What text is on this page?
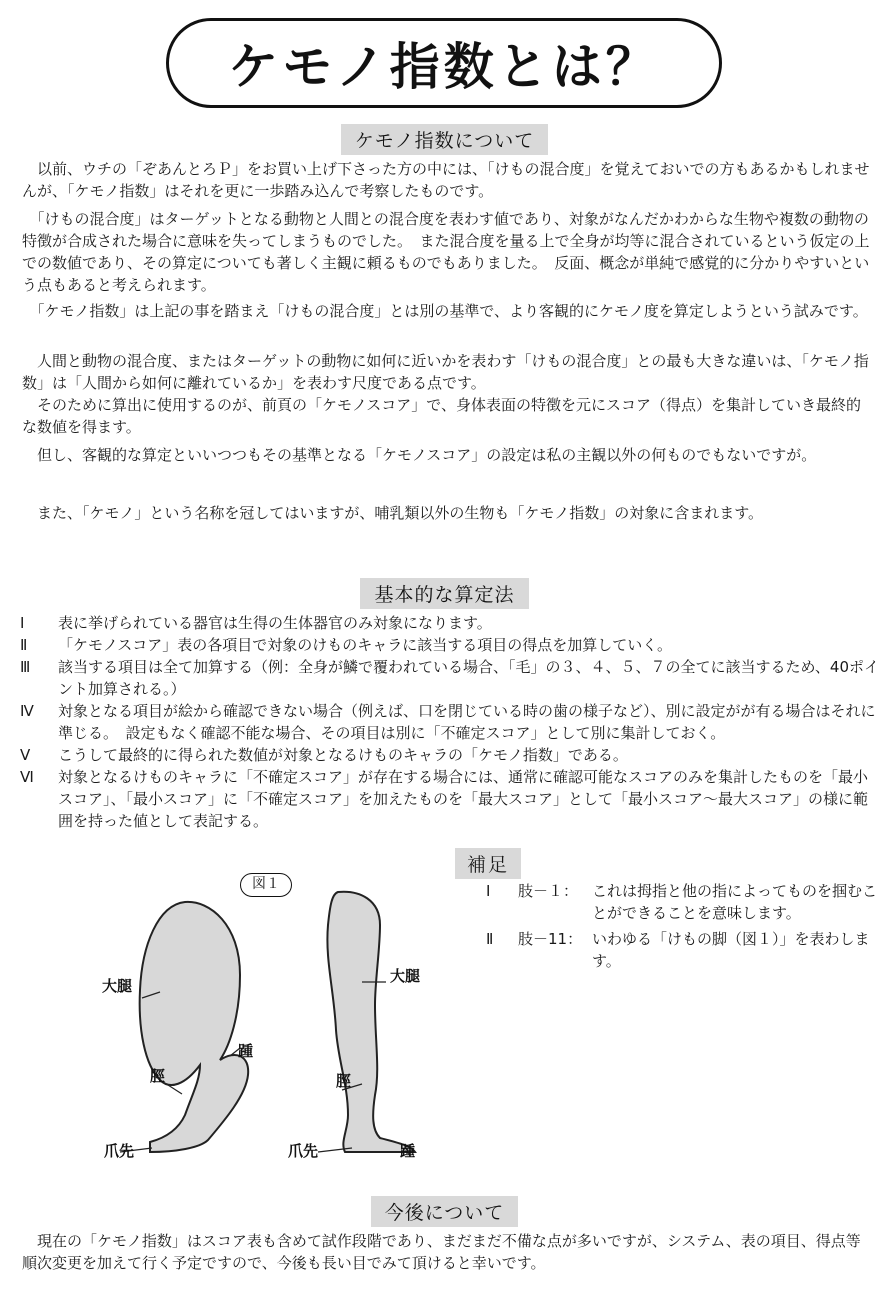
ケモノ指数とは？
ケモノ指数について

　以前、ウチの「ぞあんとろＰ」をお買い上げ下さった方の中には、「けもの混合度」を覚えておいでの方もあるかもしれませんが、「ケモノ指数」はそれを更に一歩踏み込んで考察したものです。

　「けもの混合度」はターゲットとなる動物と人間との混合度を表わす値であり、対象がなんだかわからな生物や複数の動物の特徴が合成された場合に意味を失ってしまうものでした。　また混合度を量る上で全身が均等に混合されているという仮定の上での数値であり、その算定についても著しく主観に頼るものでもありました。　反面、概念が単純で感覚的に分かりやすいという点もあると考えられます。

　「ケモノ指数」は上記の事を踏まえ「けもの混合度」とは別の基準で、より客観的にケモノ度を算定しようという試みです。

　人間と動物の混合度、またはターゲットの動物に如何に近いかを表わす「けもの混合度」との最も大きな違いは、「ケモノ指数」は「人間から如何に離れているか」を表わす尺度である点です。

　そのために算出に使用するのが、前頁の「ケモノスコア」で、身体表面の特徴を元にスコア（得点）を集計していき最終的な数値を得ます。

　但し、客観的な算定といいつつもその基準となる「ケモノスコア」の設定は私の主観以外の何ものでもないですが。

　また、「ケモノ」という名称を冠してはいますが、哺乳類以外の生物も「ケモノ指数」の対象に含まれます。

基本的な算定法
Ⅰ	表に挙げられている器官は生得の生体器官のみ対象になります。
Ⅱ	「ケモノスコア」表の各項目で対象のけものキャラに該当する項目の得点を加算していく。
Ⅲ	該当する項目は全て加算する（例：全身が鱗で覆われている場合、「毛」の３、４、５、７の全てに該当するため、40ポイント加算される。）
Ⅳ	対象となる項目が絵から確認できない場合（例えば、口を閉じている時の歯の様子など）、別に設定がが有る場合はそれに準じる。　設定もなく確認不能な場合、その項目は別に「不確定スコア」として別に集計しておく。
Ⅴ	こうして最終的に得られた数値が対象となるけものキャラの「ケモノ指数」である。
Ⅵ	対象となるけものキャラに「不確定スコア」が存在する場合には、通常に確認可能なスコアのみを集計したものを「最小スコア」、「最小スコア」に「不確定スコア」を加えたものを「最大スコア」として「最小スコア～最大スコア」の様に範囲を持った値として表記する。
補足
Ⅰ	肢－１： これは拇指と他の指によってものを掴むことができることを意味します。
Ⅱ	肢－11： いわゆる「けもの脚（図１）」を表わします。
図１
大腿
踵
脛
爪先
大腿
脛
爪先	踵
今後について

　現在の「ケモノ指数」はスコア表も含めて試作段階であり、まだまだ不備な点が多いですが、システム、表の項目、得点等順次変更を加えて行く予定ですので、今後も長い目でみて頂けると幸いです。
